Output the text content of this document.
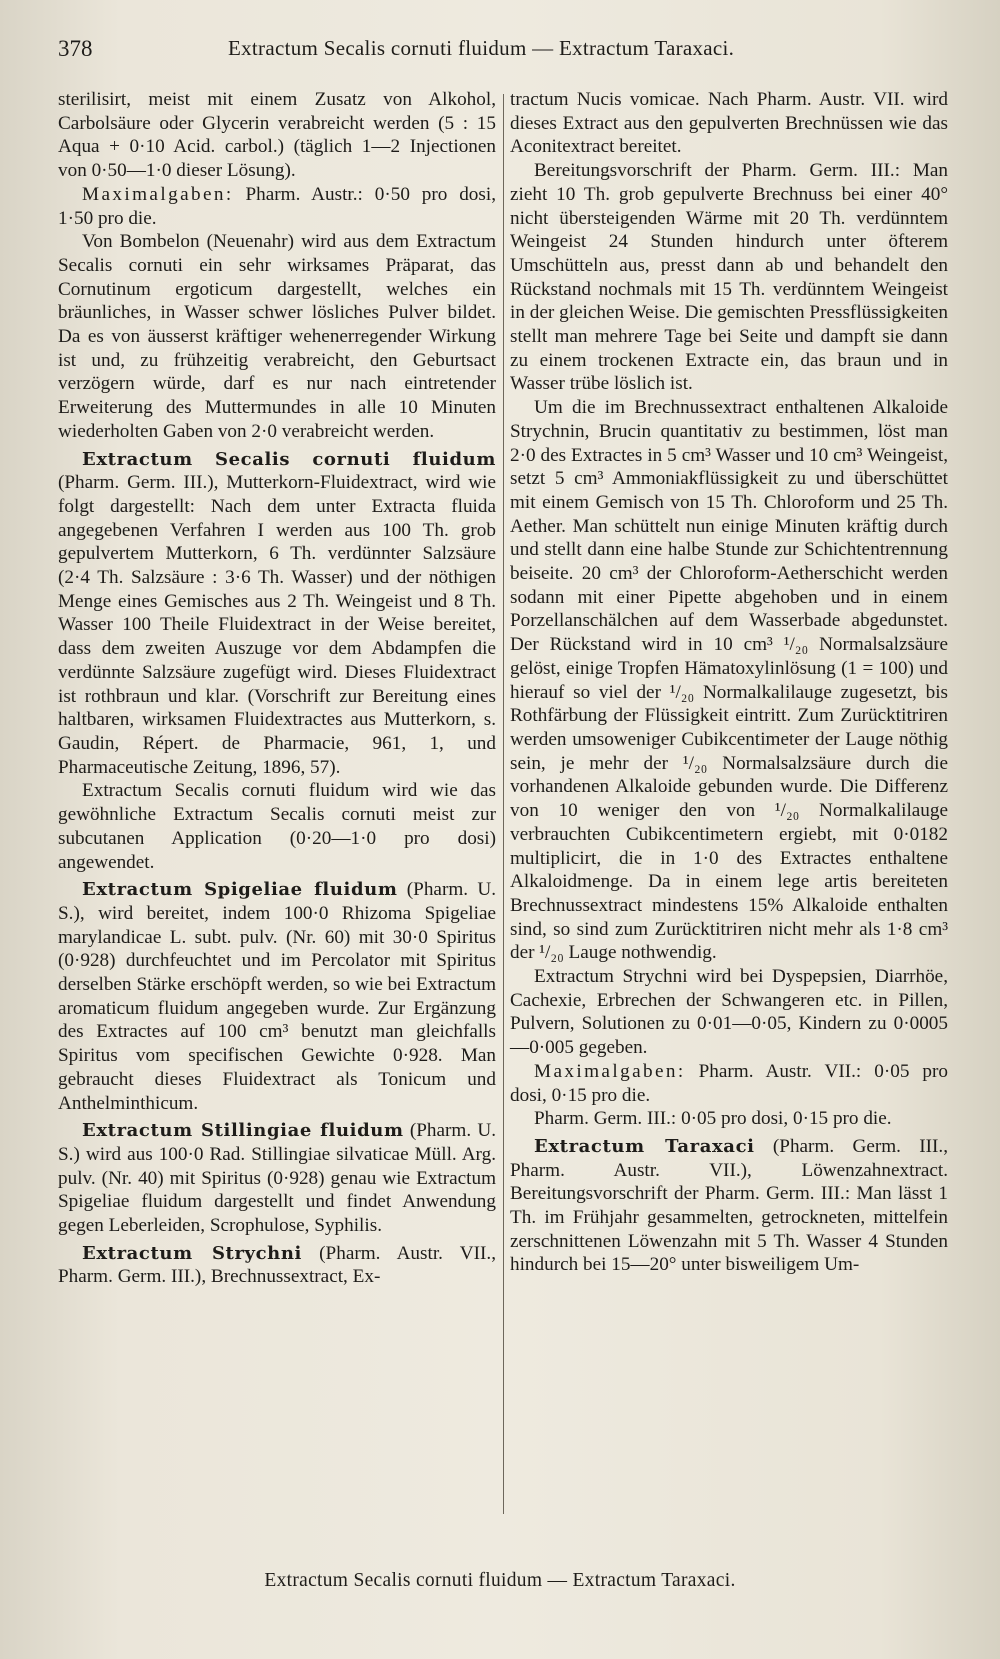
378	Extractum Secalis cornuti fluidum — Extractum Taraxaci.

sterilisirt, meist mit einem Zusatz von Alkohol, Carbolsäure oder Glycerin verabreicht werden (5 : 15 Aqua + 0·10 Acid. carbol.) (täglich 1—2 Injectionen von 0·50—1·0 dieser Lösung).

Maximalgaben: Pharm. Austr.: 0·50 pro dosi, 1·50 pro die.

Von Bombelon (Neuenahr) wird aus dem Extractum Secalis cornuti ein sehr wirksames Präparat, das Cornutinum ergoticum dargestellt, welches ein bräunliches, in Wasser schwer lösliches Pulver bildet. Da es von äusserst kräftiger wehenerregender Wirkung ist und, zu frühzeitig verabreicht, den Geburtsact verzögern würde, darf es nur nach eintretender Erweiterung des Muttermundes in alle 10 Minuten wiederholten Gaben von 2·0 verabreicht werden.

Extractum Secalis cornuti fluidum (Pharm. Germ. III.), Mutterkorn-Fluidextract, wird wie folgt dargestellt: Nach dem unter Extracta fluida angegebenen Verfahren I werden aus 100 Th. grob gepulvertem Mutterkorn, 6 Th. verdünnter Salzsäure (2·4 Th. Salzsäure : 3·6 Th. Wasser) und der nöthigen Menge eines Gemisches aus 2 Th. Weingeist und 8 Th. Wasser 100 Theile Fluidextract in der Weise bereitet, dass dem zweiten Auszuge vor dem Abdampfen die verdünnte Salzsäure zugefügt wird. Dieses Fluidextract ist rothbraun und klar. (Vorschrift zur Bereitung eines haltbaren, wirksamen Fluidextractes aus Mutterkorn, s. Gaudin, Répert. de Pharmacie, 961, 1, und Pharmaceutische Zeitung, 1896, 57).

Extractum Secalis cornuti fluidum wird wie das gewöhnliche Extractum Secalis cornuti meist zur subcutanen Application (0·20—1·0 pro dosi) angewendet.

Extractum Spigeliae fluidum (Pharm. U. S.), wird bereitet, indem 100·0 Rhizoma Spigeliae marylandicae L. subt. pulv. (Nr. 60) mit 30·0 Spiritus (0·928) durchfeuchtet und im Percolator mit Spiritus derselben Stärke erschöpft werden, so wie bei Extractum aromaticum fluidum angegeben wurde. Zur Ergänzung des Extractes auf 100 cm³ benutzt man gleichfalls Spiritus vom specifischen Gewichte 0·928. Man gebraucht dieses Fluidextract als Tonicum und Anthelminthicum.

Extractum Stillingiae fluidum (Pharm. U. S.) wird aus 100·0 Rad. Stillingiae silvaticae Müll. Arg. pulv. (Nr. 40) mit Spiritus (0·928) genau wie Extractum Spigeliae fluidum dargestellt und findet Anwendung gegen Leberleiden, Scrophulose, Syphilis.

Extractum Strychni (Pharm. Austr. VII., Pharm. Germ. III.), Brechnussextract, Ex-

tractum Nucis vomicae. Nach Pharm. Austr. VII. wird dieses Extract aus den gepulverten Brechnüssen wie das Aconitextract bereitet.

Bereitungsvorschrift der Pharm. Germ. III.: Man zieht 10 Th. grob gepulverte Brechnuss bei einer 40° nicht übersteigenden Wärme mit 20 Th. verdünntem Weingeist 24 Stunden hindurch unter öfterem Umschütteln aus, presst dann ab und behandelt den Rückstand nochmals mit 15 Th. verdünntem Weingeist in der gleichen Weise. Die gemischten Pressflüssigkeiten stellt man mehrere Tage bei Seite und dampft sie dann zu einem trockenen Extracte ein, das braun und in Wasser trübe löslich ist.

Um die im Brechnussextract enthaltenen Alkaloide Strychnin, Brucin quantitativ zu bestimmen, löst man 2·0 des Extractes in 5 cm³ Wasser und 10 cm³ Weingeist, setzt 5 cm³ Ammoniakflüssigkeit zu und überschüttet mit einem Gemisch von 15 Th. Chloroform und 25 Th. Aether. Man schüttelt nun einige Minuten kräftig durch und stellt dann eine halbe Stunde zur Schichtentrennung beiseite. 20 cm³ der Chloroform-Aetherschicht werden sodann mit einer Pipette abgehoben und in einem Porzellanschälchen auf dem Wasserbade abgedunstet. Der Rückstand wird in 10 cm³ ¹/₂₀ Normalsalzsäure gelöst, einige Tropfen Hämatoxylinlösung (1 = 100) und hierauf so viel der ¹/₂₀ Normalkalilauge zugesetzt, bis Rothfärbung der Flüssigkeit eintritt. Zum Zurücktitriren werden umsoweniger Cubikcentimeter der Lauge nöthig sein, je mehr der ¹/₂₀ Normalsalzsäure durch die vorhandenen Alkaloide gebunden wurde. Die Differenz von 10 weniger den von ¹/₂₀ Normalkalilauge verbrauchten Cubikcentimetern ergiebt, mit 0·0182 multiplicirt, die in 1·0 des Extractes enthaltene Alkaloidmenge. Da in einem lege artis bereiteten Brechnussextract mindestens 15% Alkaloide enthalten sind, so sind zum Zurücktitriren nicht mehr als 1·8 cm³ der ¹/₂₀ Lauge nothwendig.

Extractum Strychni wird bei Dyspepsien, Diarrhöe, Cachexie, Erbrechen der Schwangeren etc. in Pillen, Pulvern, Solutionen zu 0·01—0·05, Kindern zu 0·0005—0·005 gegeben.

Maximalgaben: Pharm. Austr. VII.: 0·05 pro dosi, 0·15 pro die.

Pharm. Germ. III.: 0·05 pro dosi, 0·15 pro die.

Extractum Taraxaci (Pharm. Germ. III., Pharm. Austr. VII.), Löwenzahnextract. Bereitungsvorschrift der Pharm. Germ. III.: Man lässt 1 Th. im Frühjahr gesammelten, getrockneten, mittelfein zerschnittenen Löwenzahn mit 5 Th. Wasser 4 Stunden hindurch bei 15—20° unter bisweiligem Um-

Extractum Secalis cornuti fluidum — Extractum Taraxaci.
